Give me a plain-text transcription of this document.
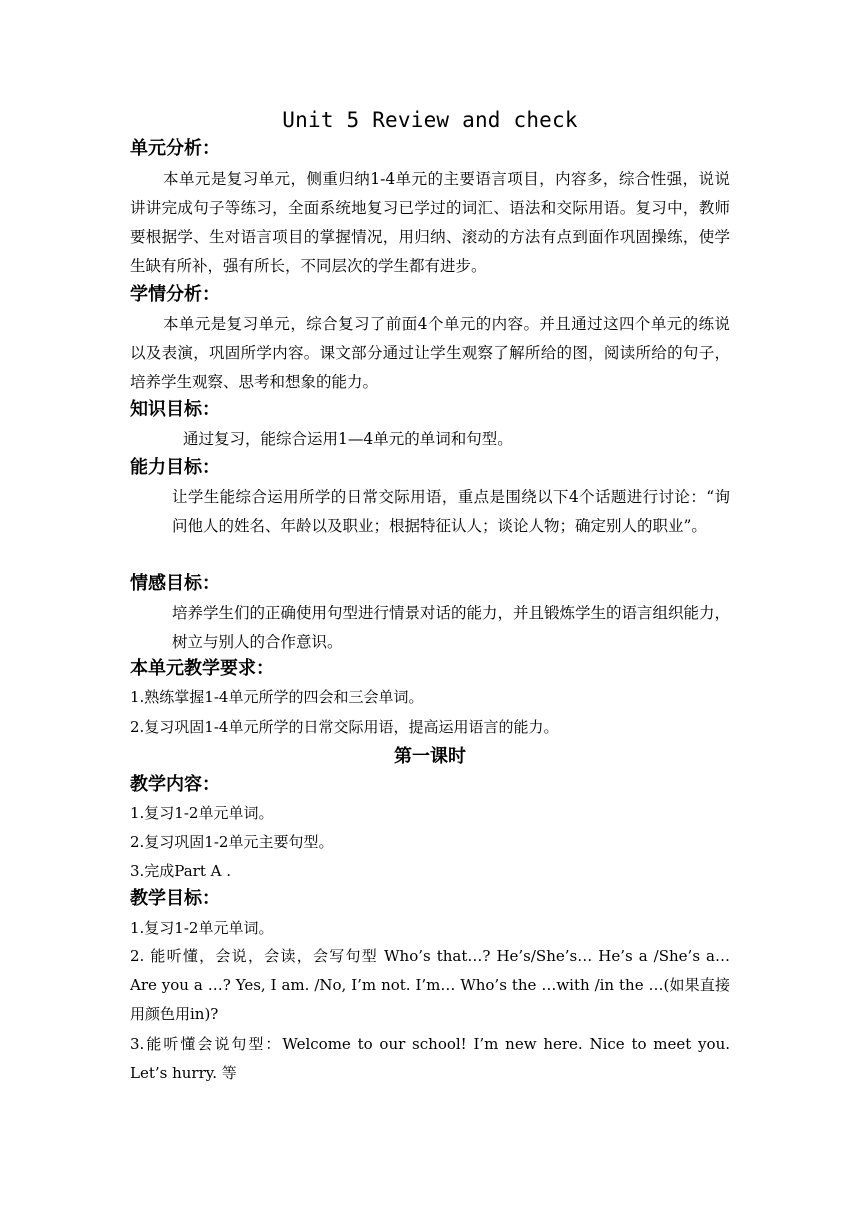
Unit 5 Review and check
单元分析：
本单元是复习单元，侧重归纳1-4单元的主要语言项目，内容多，综合性强，说说讲讲完成句子等练习，全面系统地复习已学过的词汇、语法和交际用语。复习中，教师要根据学、生对语言项目的掌握情况，用归纳、滚动的方法有点到面作巩固操练，使学生缺有所补，强有所长，不同层次的学生都有进步。
学情分析：
本单元是复习单元，综合复习了前面4个单元的内容。并且通过这四个单元的练说以及表演，巩固所学内容。课文部分通过让学生观察了解所给的图，阅读所给的句子，培养学生观察、思考和想象的能力。
知识目标：
通过复习，能综合运用1—4单元的单词和句型。
能力目标：
让学生能综合运用所学的日常交际用语，重点是围绕以下4个话题进行讨论：“询问他人的姓名、年龄以及职业；根据特征认人；谈论人物；确定别人的职业”。
情感目标：
培养学生们的正确使用句型进行情景对话的能力，并且锻炼学生的语言组织能力，树立与别人的合作意识。
本单元教学要求：
1.熟练掌握1-4单元所学的四会和三会单词。
2.复习巩固1-4单元所学的日常交际用语，提高运用语言的能力。
第一课时
教学内容：
1.复习1-2单元单词。
2.复习巩固1-2单元主要句型。
3.完成Part A .
教学目标：
1.复习1-2单元单词。
2. 能听懂，会说，会读，会写句型 Who’s that…? He’s/She’s… He’s a /She’s a… Are you a …? Yes, I am. /No, I’m not. I’m… Who’s the …with /in the …(如果直接用颜色用in)?
3.能听懂会说句型：Welcome to our school! I’m new here. Nice to meet you. Let’s hurry. 等
